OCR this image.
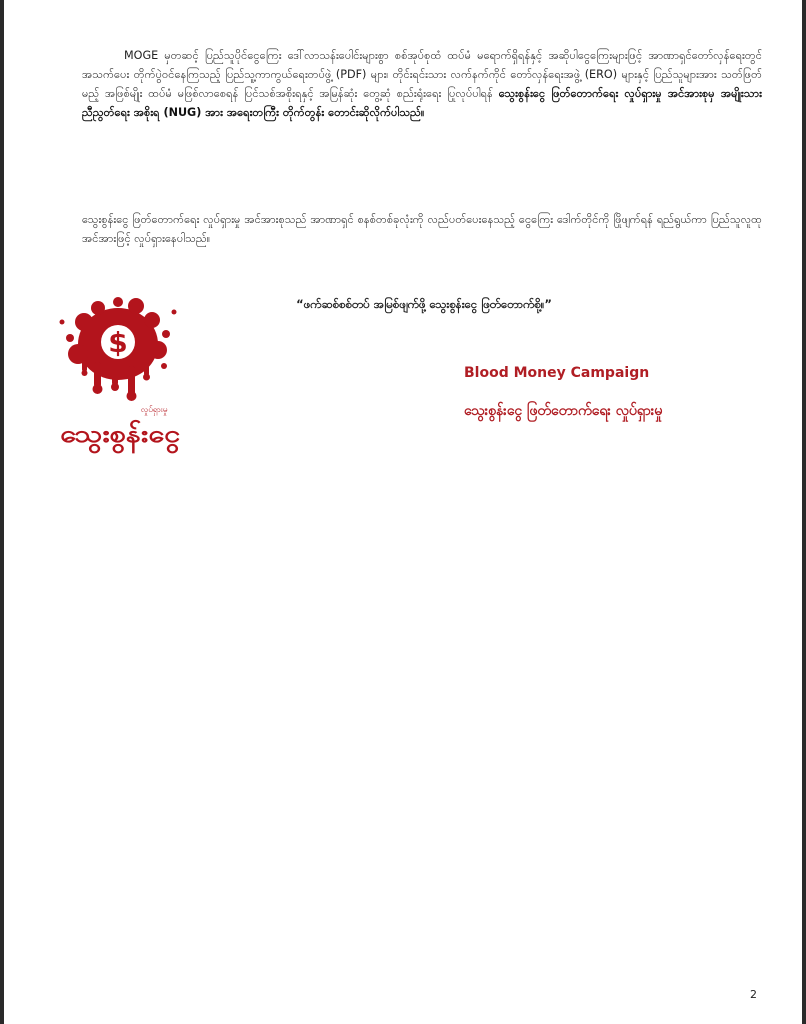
MOGE မှတဆင့် ပြည်သူပိုင်ငွေကြေး ဒေါ်လာသန်းပေါင်းများစွာ စစ်အုပ်စုထံ ထပ်မံ မရောက်ရှိရန်နှင့် အဆိုပါငွေကြေးများဖြင့် အာဏာရှင်တော်လှန်ရေးတွင် အသက်ပေး တိုက်ပွဲဝင်နေကြသည့် ပြည်သူ့ကာကွယ်ရေးတပ်ဖွဲ့ (PDF) များ၊ တိုင်းရင်းသား လက်နက်ကိုင် တော်လှန်ရေးအဖွဲ့ (ERO) များနှင့် ပြည်သူများအား သတ်ဖြတ်မည့် အဖြစ်မျိုး ထပ်မံ မဖြစ်လာစေရန် ပြင်သစ်အစိုးရနှင့် အမြန်ဆုံး တွေ့ဆုံ စည်းရုံးရေး ပြုလုပ်ပါရန် သွေးစွန်းငွေ ဖြတ်တောက်ရေး လှုပ်ရှားမှု အင်အားစုမှ အမျိုးသား ညီညွတ်ရေး အစိုးရ (NUG) အား အရေးတကြီး တိုက်တွန်း တောင်းဆိုလိုက်ပါသည်။

သွေးစွန်းငွေ ဖြတ်တောက်ရေး လှုပ်ရှားမှု အင်အားစုသည် အာဏာရှင် စနစ်တစ်ခုလုံးကို လည်ပတ်ပေးနေသည့် ငွေကြေး ဒေါက်တိုင်ကို ဖြိုဖျက်ရန် ရည်ရွယ်ကာ ပြည်သူလူထုအင်အားဖြင့် လှုပ်ရှားနေပါသည်။

“ဖက်ဆစ်စစ်တပ် အမြစ်ဖျက်ဖို့ သွေးစွန်းငွေ ဖြတ်တောက်စို့။”
$
လှုပ်ရှားမှု
သွေးစွန်းငွေ
Blood Money Campaign
သွေးစွန်းငွေ ဖြတ်တောက်ရေး လှုပ်ရှားမှု
2
